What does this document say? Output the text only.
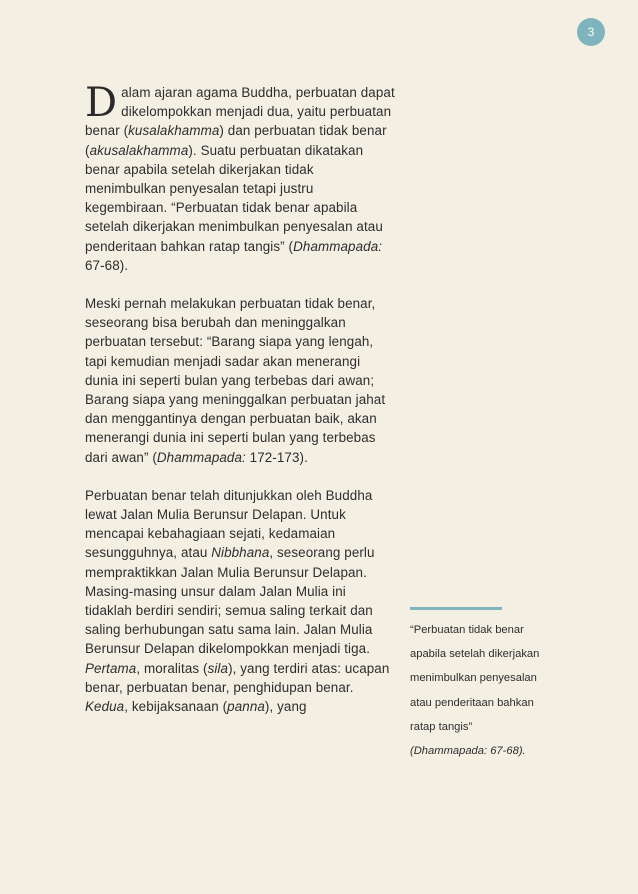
3

Dalam ajaran agama Buddha, perbuatan dapat dikelompokkan menjadi dua, yaitu perbuatan benar (kusalakhamma) dan perbuatan tidak benar (akusalakhamma). Suatu perbuatan dikatakan benar apabila setelah dikerjakan tidak menimbulkan penyesalan tetapi justru kegembiraan. “Perbuatan tidak benar apabila setelah dikerjakan menimbulkan penyesalan atau penderitaan bahkan ratap tangis” (Dhammapada: 67-68).

Meski pernah melakukan perbuatan tidak benar, seseorang bisa berubah dan meninggalkan perbuatan tersebut: “Barang siapa yang lengah, tapi kemudian menjadi sadar akan menerangi dunia ini seperti bulan yang terbebas dari awan; Barang siapa yang meninggalkan perbuatan jahat dan menggantinya dengan perbuatan baik, akan menerangi dunia ini seperti bulan yang terbebas dari awan” (Dhammapada: 172-173).

Perbuatan benar telah ditunjukkan oleh Buddha lewat Jalan Mulia Berunsur Delapan. Untuk mencapai kebahagiaan sejati, kedamaian sesungguhnya, atau Nibbhana, seseorang perlu mempraktikkan Jalan Mulia Berunsur Delapan. Masing-masing unsur dalam Jalan Mulia ini tidaklah berdiri sendiri; semua saling terkait dan saling berhubungan satu sama lain. Jalan Mulia Berunsur Delapan dikelompokkan menjadi tiga. Pertama, moralitas (sila), yang terdiri atas: ucapan benar, perbuatan benar, penghidupan benar. Kedua, kebijaksanaan (panna), yang

“Perbuatan tidak benar apabila setelah dikerjakan menimbulkan penyesalan atau penderitaan bahkan ratap tangis”
(Dhammapada: 67-68).
